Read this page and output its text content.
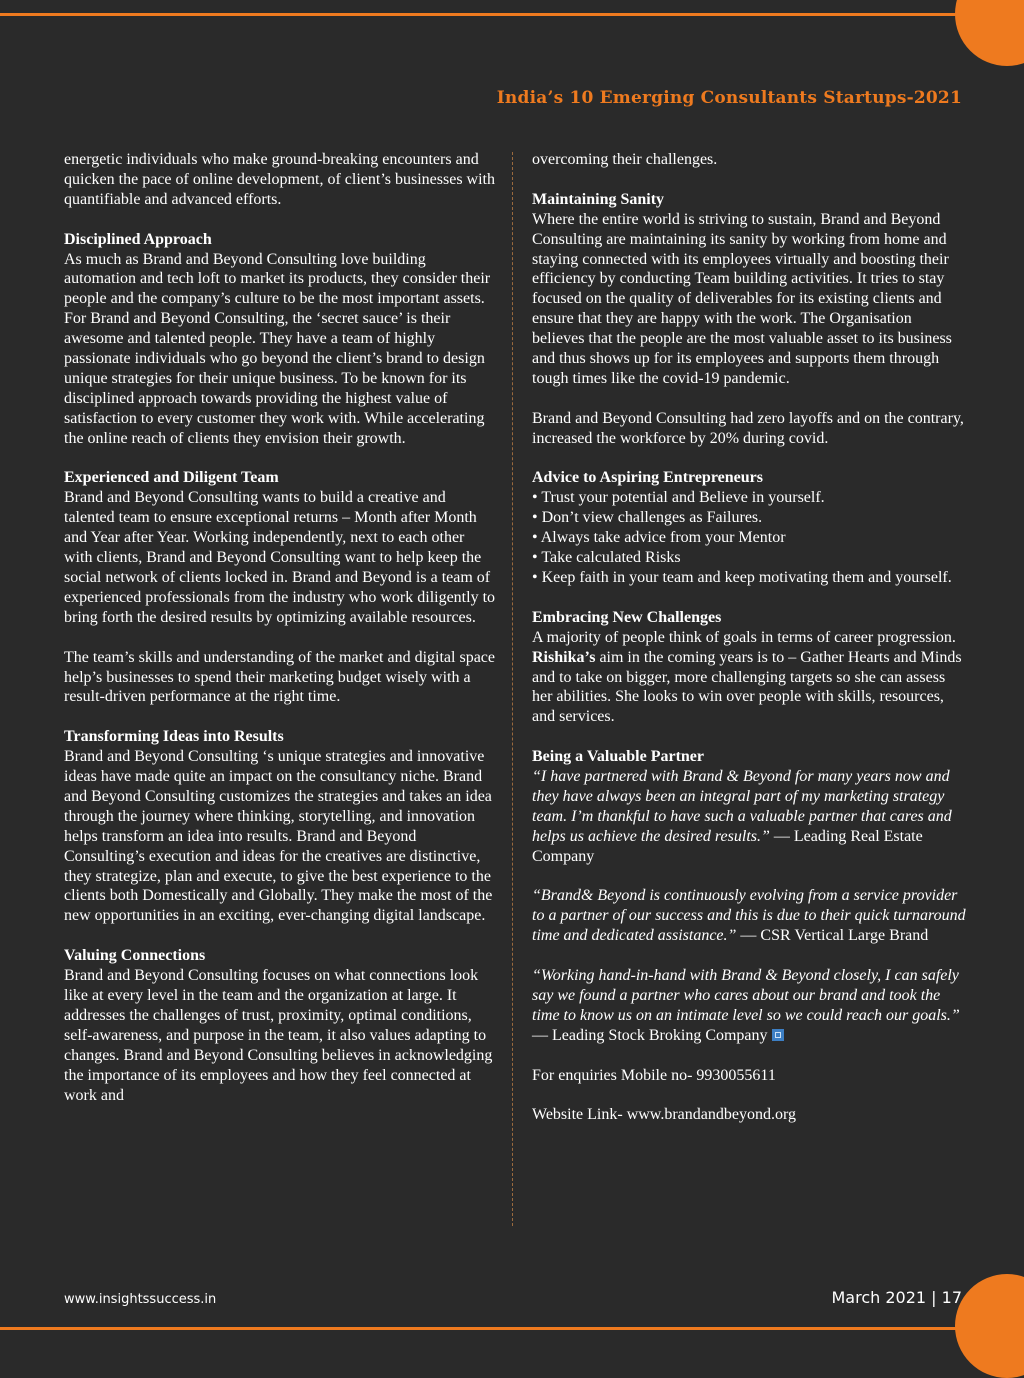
India’s 10 Emerging Consultants Startups-2021

energetic individuals who make ground-breaking encounters and quicken the pace of online development, of client’s businesses with quantifiable and advanced efforts.

Disciplined Approach
As much as Brand and Beyond Consulting love building automation and tech loft to market its products, they consider their people and the company’s culture to be the most important assets. For Brand and Beyond Consulting, the ‘secret sauce’ is their awesome and talented people. They have a team of highly passionate individuals who go beyond the client’s brand to design unique strategies for their unique business. To be known for its disciplined approach towards providing the highest value of satisfaction to every customer they work with. While accelerating the online reach of clients they envision their growth.

Experienced and Diligent Team
Brand and Beyond Consulting wants to build a creative and talented team to ensure exceptional returns – Month after Month and Year after Year. Working independently, next to each other with clients, Brand and Beyond Consulting want to help keep the social network of clients locked in. Brand and Beyond is a team of experienced professionals from the industry who work diligently to bring forth the desired results by optimizing available resources.

The team’s skills and understanding of the market and digital space help’s businesses to spend their marketing budget wisely with a result-driven performance at the right time.

Transforming Ideas into Results
Brand and Beyond Consulting ‘s unique strategies and innovative ideas have made quite an impact on the consultancy niche. Brand and Beyond Consulting customizes the strategies and takes an idea through the journey where thinking, storytelling, and innovation helps transform an idea into results. Brand and Beyond Consulting’s execution and ideas for the creatives are distinctive, they strategize, plan and execute, to give the best experience to the clients both Domestically and Globally. They make the most of the new opportunities in an exciting, ever-changing digital landscape.

Valuing Connections
Brand and Beyond Consulting focuses on what connections look like at every level in the team and the organization at large. It addresses the challenges of trust, proximity, optimal conditions, self-awareness, and purpose in the team, it also values adapting to changes. Brand and Beyond Consulting believes in acknowledging the importance of its employees and how they feel connected at work and

overcoming their challenges.

Maintaining Sanity
Where the entire world is striving to sustain, Brand and Beyond Consulting are maintaining its sanity by working from home and staying connected with its employees virtually and boosting their efficiency by conducting Team building activities. It tries to stay focused on the quality of deliverables for its existing clients and ensure that they are happy with the work. The Organisation believes that the people are the most valuable asset to its business and thus shows up for its employees and supports them through tough times like the covid-19 pandemic.

Brand and Beyond Consulting had zero layoffs and on the contrary, increased the workforce by 20% during covid.

Advice to Aspiring Entrepreneurs
• Trust your potential and Believe in yourself.
• Don’t view challenges as Failures.
• Always take advice from your Mentor
• Take calculated Risks
• Keep faith in your team and keep motivating them and yourself.

Embracing New Challenges
A majority of people think of goals in terms of career progression. Rishika’s aim in the coming years is to – Gather Hearts and Minds and to take on bigger, more challenging targets so she can assess her abilities. She looks to win over people with skills, resources, and services.

Being a Valuable Partner
“I have partnered with Brand & Beyond for many years now and they have always been an integral part of my marketing strategy team. I’m thankful to have such a valuable partner that cares and helps us achieve the desired results.” — Leading Real Estate Company

“Brand& Beyond is continuously evolving from a service provider to a partner of our success and this is due to their quick turnaround time and dedicated assistance.” — CSR Vertical Large Brand

“Working hand-in-hand with Brand & Beyond closely, I can safely say we found a partner who cares about our brand and took the time to know us on an intimate level so we could reach our goals.” — Leading Stock Broking Company

For enquiries Mobile no- 9930055611

Website Link- www.brandandbeyond.org

www.insightssuccess.in	March 2021 | 17
